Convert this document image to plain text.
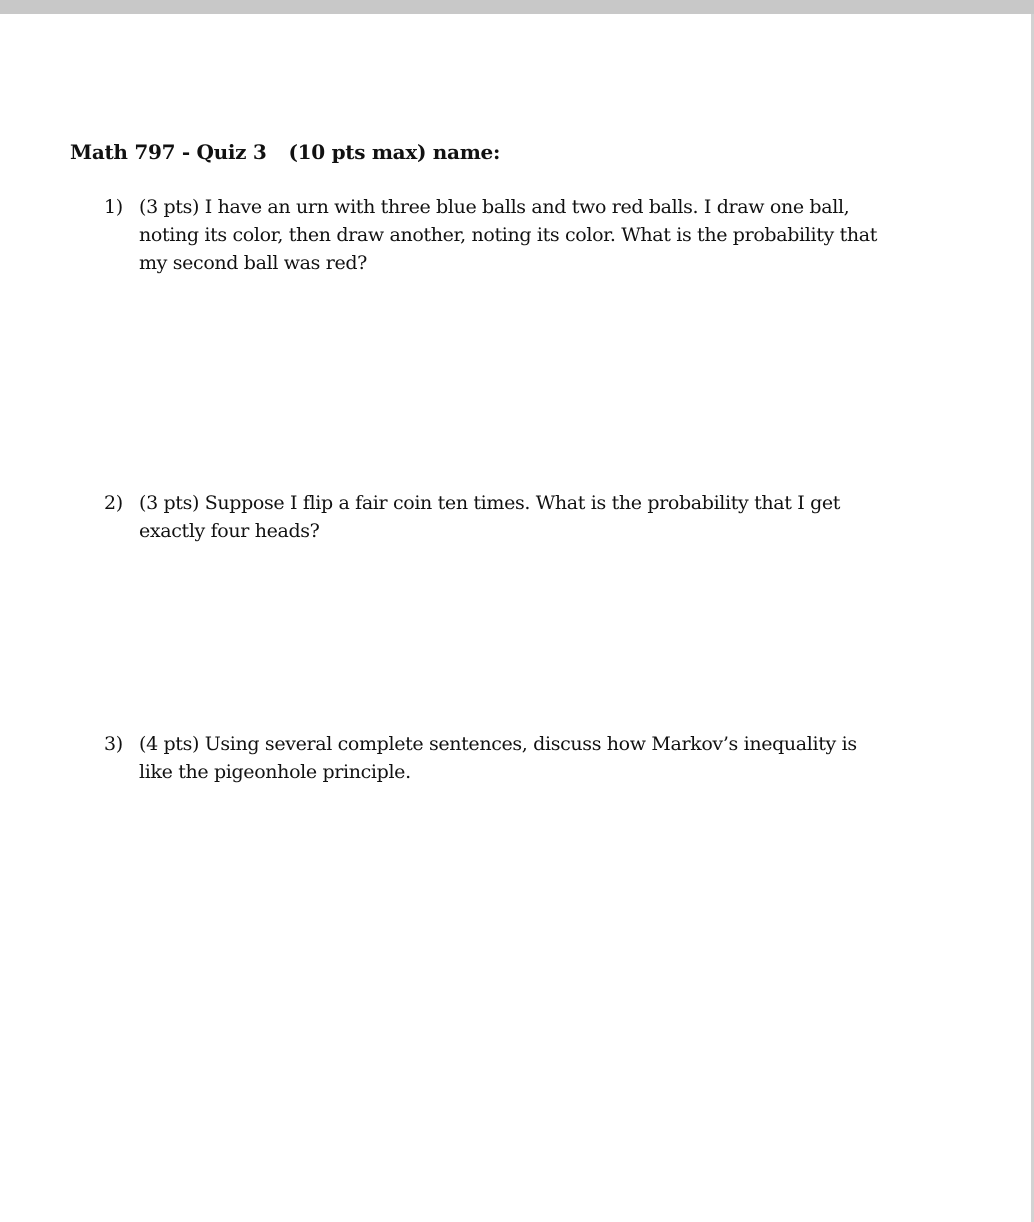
Math 797 - Quiz 3 (10 pts max) name:
1) (3 pts) I have an urn with three blue balls and two red balls. I draw one ball, noting its color, then draw another, noting its color. What is the probability that my second ball was red?
2) (3 pts) Suppose I flip a fair coin ten times. What is the probability that I get exactly four heads?
3) (4 pts) Using several complete sentences, discuss how Markov’s inequality is like the pigeonhole principle.
